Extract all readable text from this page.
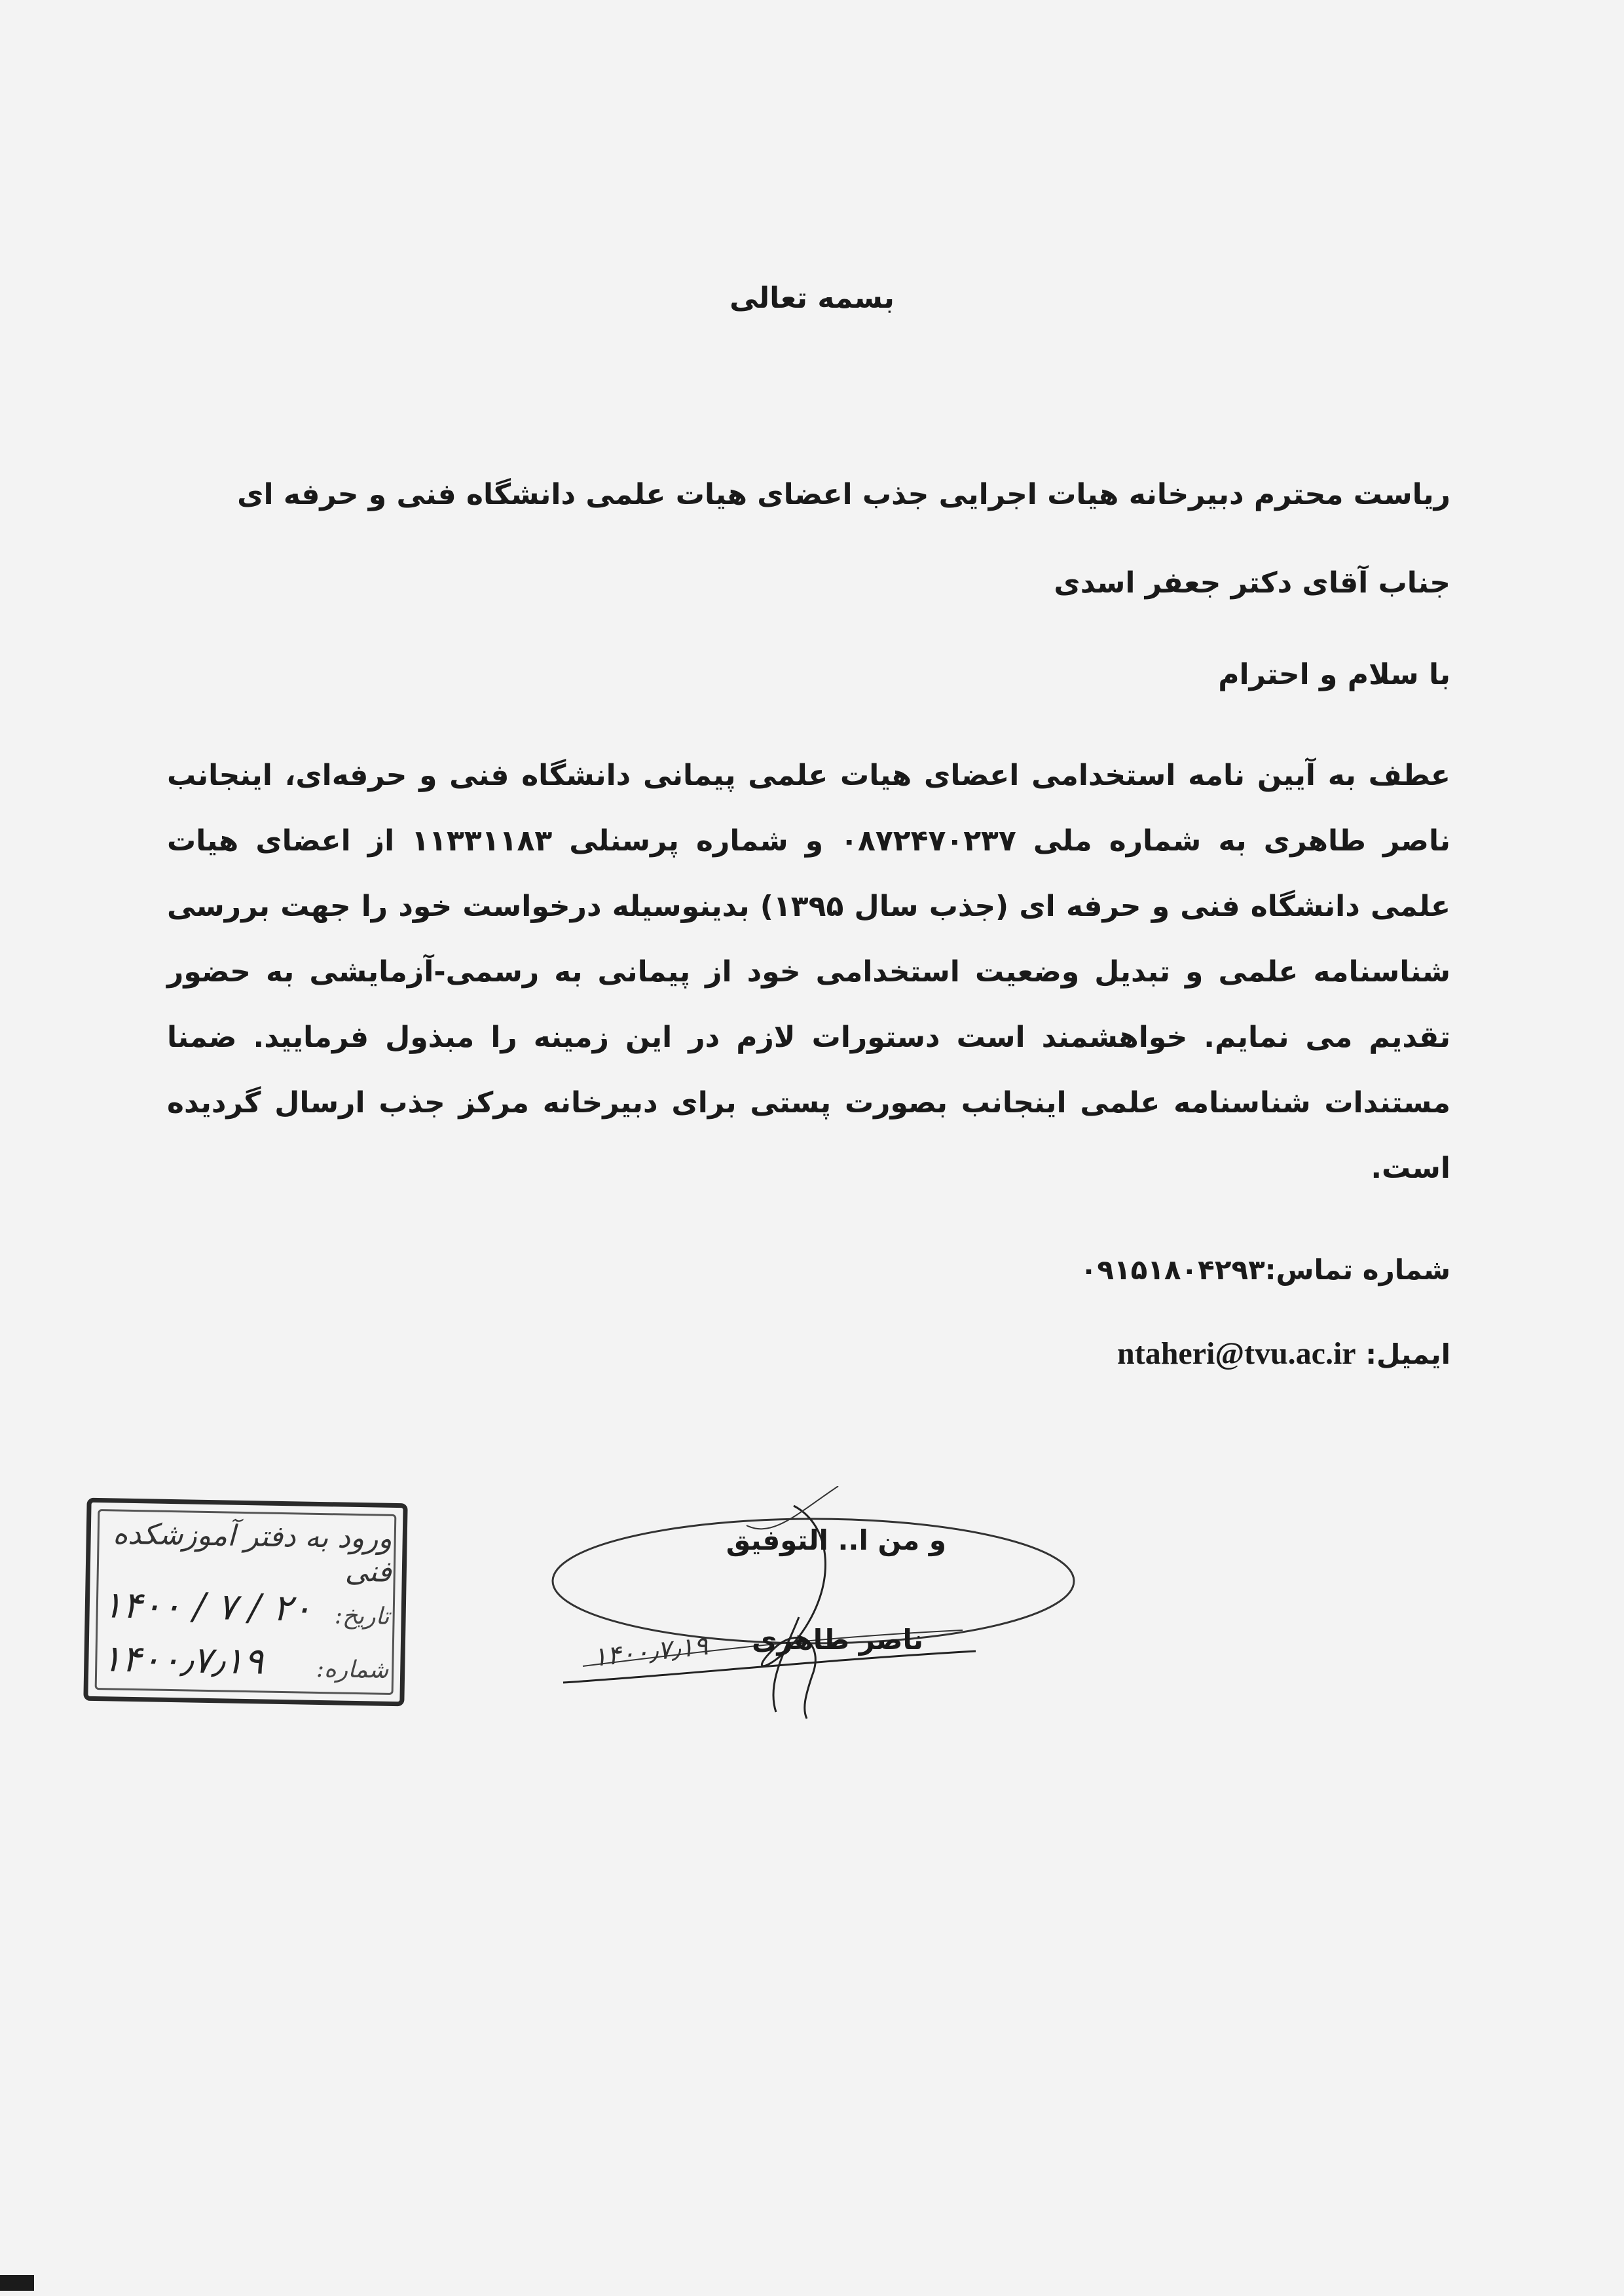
بسمه تعالی
ریاست محترم دبیرخانه هیات اجرایی جذب اعضای هیات علمی دانشگاه فنی و حرفه ای
جناب آقای دکتر جعفر اسدی
با سلام و احترام
عطف به آیین نامه استخدامی اعضای هیات علمی پیمانی دانشگاه فنی و حرفه‌ای، اینجانب ناصر طاهری به شماره ملی ۰۸۷۲۴۷۰۲۳۷ و شماره پرسنلی ۱۱۳۳۱۱۸۳ از اعضای هیات علمی دانشگاه فنی و حرفه ای (جذب سال ۱۳۹۵) بدینوسیله درخواست خود را جهت بررسی شناسنامه علمی و تبدیل وضعیت استخدامی خود از پیمانی به رسمی-آزمایشی به حضور تقدیم می نمایم. خواهشمند است دستورات لازم در این زمینه را مبذول فرمایید. ضمنا مستندات شناسنامه علمی اینجانب بصورت پستی برای دبیرخانه مرکز جذب ارسال گردیده است.
شماره تماس:۰۹۱۵۱۸۰۴۲۹۳
ایمیل: ntaheri@tvu.ac.ir
ورود به دفتر آموزشکده فنی
تاریخ:
۱۴۰۰ / ۷ / ۲۰
شماره:
۱۴۰۰٫۷٫۱۹
و من ا.. التوفیق
ناصر طاهری
۱۴۰۰٫۷٫۱۹
